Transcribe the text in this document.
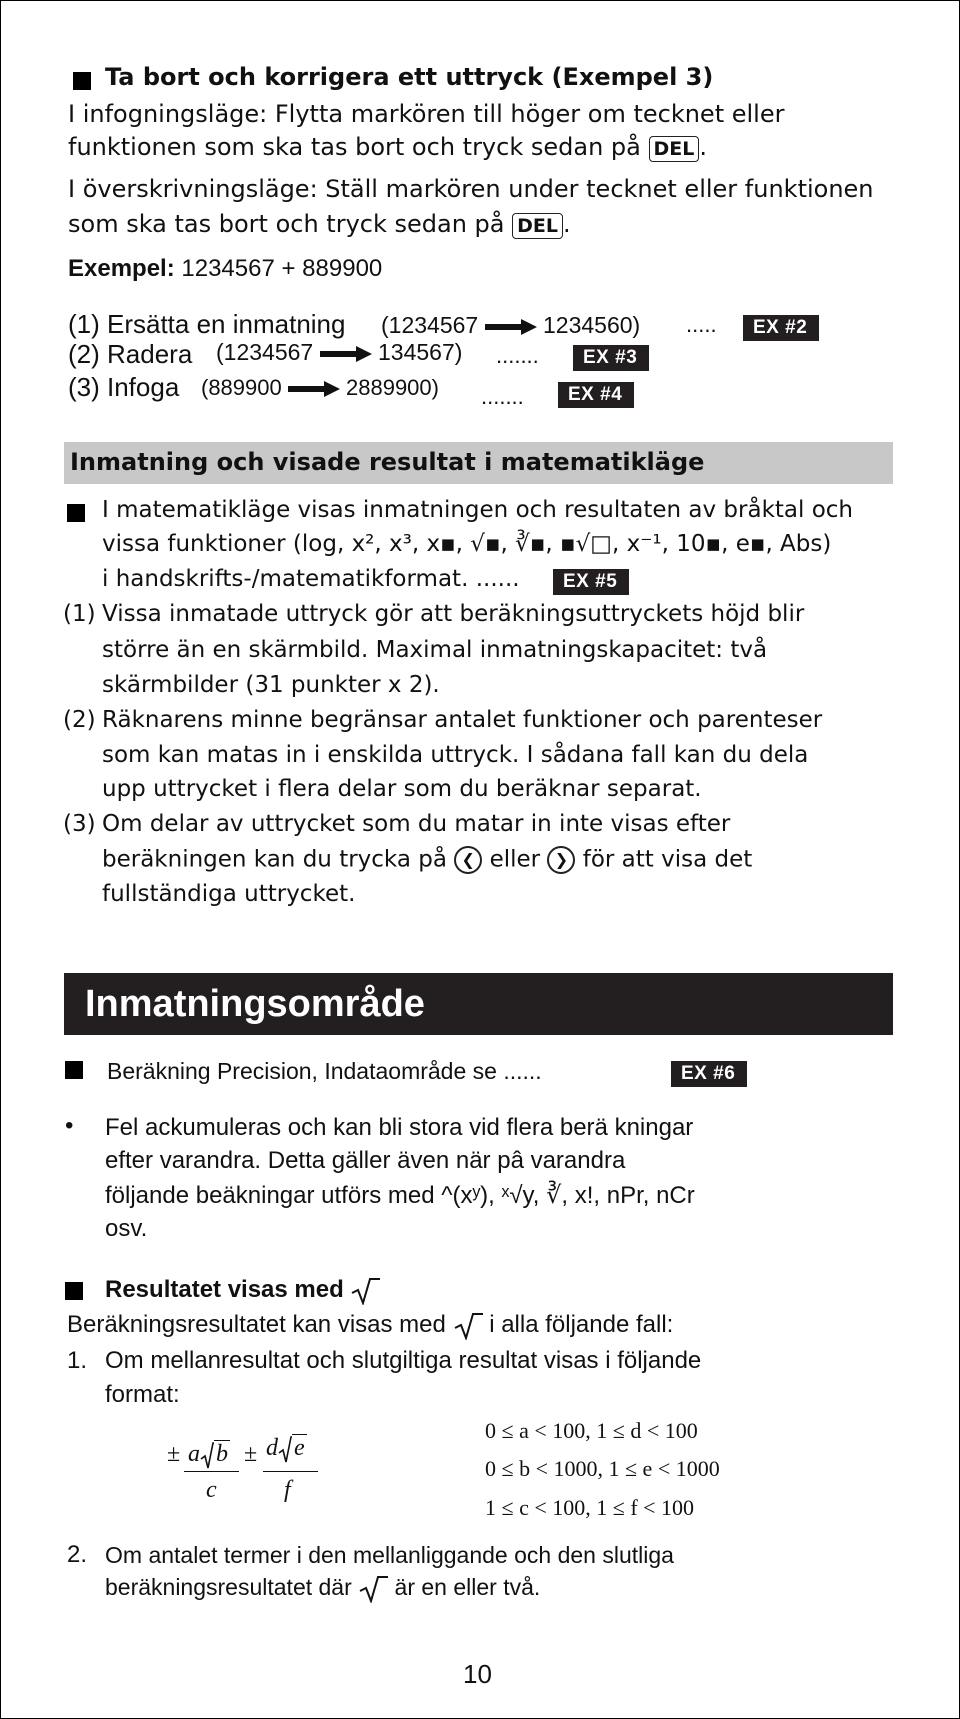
Ta bort och korrigera ett uttryck (Exempel 3)
I infogningsläge: Flytta markören till höger om tecknet eller
funktionen som ska tas bort och tryck sedan på DEL .
I överskrivningsläge: Ställ markören under tecknet eller funktionen
som ska tas bort och tryck sedan på DEL .
Exempel: 1234567 + 889900
(1) Ersätta en inmatning (1234567	1234560) .....	EX #2
(2) Radera (1234567	134567) .......	EX #3
(3) Infoga (889900	2889900) .......	EX #4
Inmatning och visade resultat i matematikläge
I matematikläge visas inmatningen och resultaten av bråktal och
vissa funktioner (log, x², x³, x▪, √▪, ∛▪, ▪√□, x⁻¹, 10▪, e▪, Abs)
i handskrifts-/matematikformat. ......	EX #5
(1) Vissa inmatade uttryck gör att beräkningsuttryckets höjd blir
större än en skärmbild. Maximal inmatningskapacitet: två
skärmbilder (31 punkter x 2).
(2) Räknarens minne begränsar antalet funktioner och parenteser
som kan matas in i enskilda uttryck. I sådana fall kan du dela
upp uttrycket i flera delar som du beräknar separat.
(3) Om delar av uttrycket som du matar in inte visas efter
beräkningen kan du trycka på ❮ eller ❯ för att visa det
fullständiga uttrycket.
Inmatningsområde
Beräkning Precision, Indataområde se ......	EX #6
• Fel ackumuleras och kan bli stora vid flera berä kningar
efter varandra. Detta gäller även när pâ varandra
följande beäkningar utförs med ^(xʸ), ˣ√y, ∛, x!, nPr, nCr
osv.
Resultatet visas med
Beräkningsresultatet kan visas med i alla följande fall:
1. Om mellanresultat och slutgiltiga resultat visas i följande
format:
± a b
c
± d e
f
0 ≤ a < 100, 1 ≤ d < 100
0 ≤ b < 1000, 1 ≤ e < 1000
1 ≤ c < 100, 1 ≤ f < 100
2. Om antalet termer i den mellanliggande och den slutliga
beräkningsresultatet där är en eller två.
10
